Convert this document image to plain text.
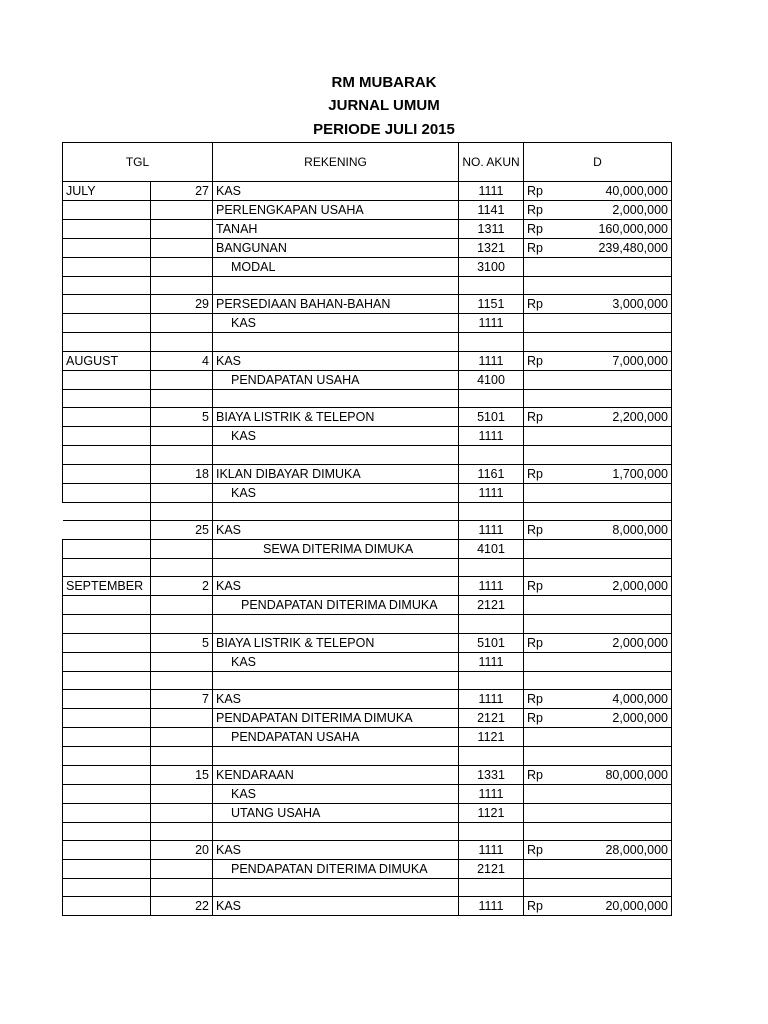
RM MUBARAK
JURNAL UMUM
PERIODE JULI 2015
TGL		REKENING	NO. AKUN	D	
JULY	27	KAS	1111	Rp	40,000,000
		PERLENGKAPAN USAHA	1141	Rp	2,000,000
		TANAH	1311	Rp	160,000,000
		BANGUNAN	1321	Rp	239,480,000
		MODAL	3100		

	29	PERSEDIAAN BAHAN-BAHAN	1151	Rp	3,000,000
		KAS	1111		

AUGUST	4	KAS	1111	Rp	7,000,000
		PENDAPATAN USAHA	4100		

	5	BIAYA LISTRIK & TELEPON	5101	Rp	2,200,000
		KAS	1111		

	18	IKLAN DIBAYAR DIMUKA	1161	Rp	1,700,000
		KAS	1111		

	25	KAS	1111	Rp	8,000,000
		SEWA DITERIMA DIMUKA	4101		

SEPTEMBER	2	KAS	1111	Rp	2,000,000
		PENDAPATAN DITERIMA DIMUKA	2121		

	5	BIAYA LISTRIK & TELEPON	5101	Rp	2,000,000
		KAS	1111		

	7	KAS	1111	Rp	4,000,000
		PENDAPATAN DITERIMA DIMUKA	2121	Rp	2,000,000
		PENDAPATAN USAHA	1121		

	15	KENDARAAN	1331	Rp	80,000,000
		KAS	1111		
		UTANG USAHA	1121		

	20	KAS	1111	Rp	28,000,000
		PENDAPATAN DITERIMA DIMUKA	2121		

	22	KAS	1111	Rp	20,000,000
